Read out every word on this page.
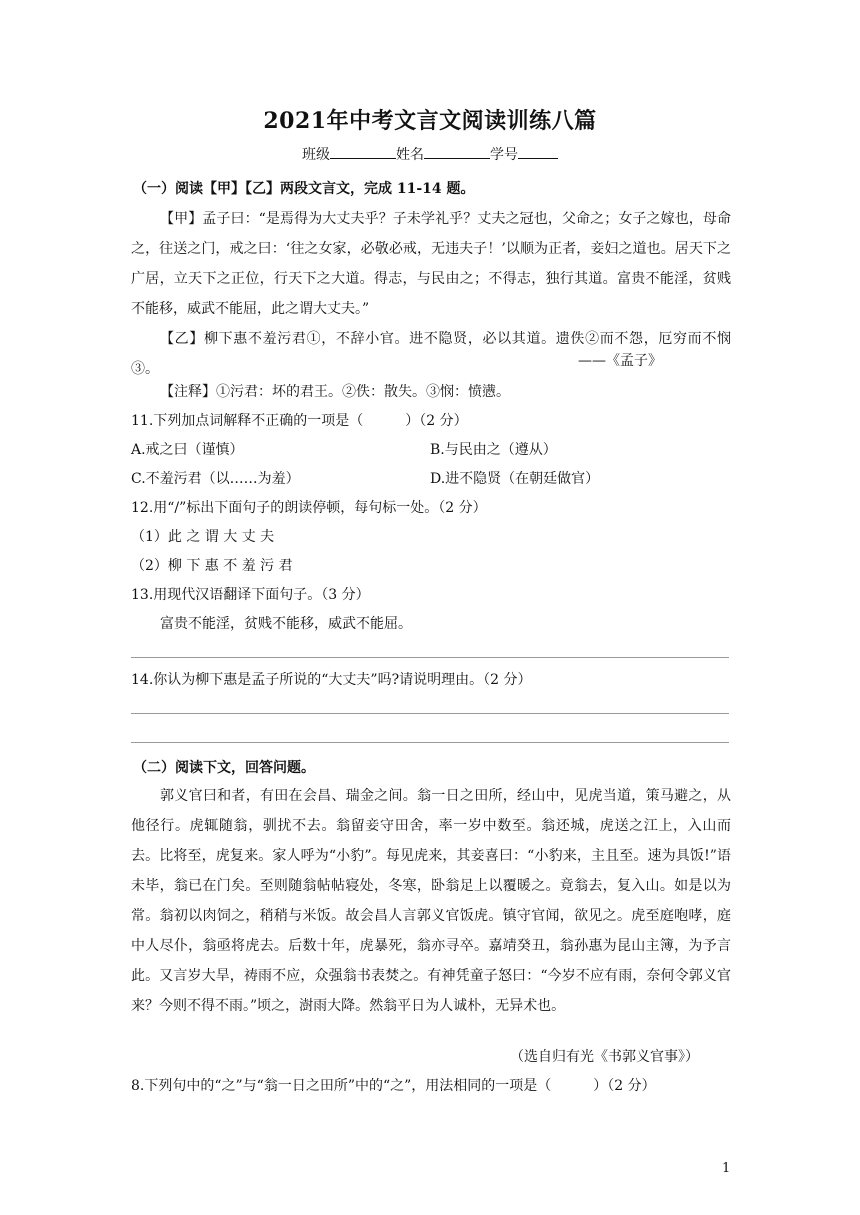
2021年中考文言文阅读训练八篇
班级	姓名	学号
（一）阅读【甲】【乙】两段文言文，完成 11-14 题。
【甲】孟子曰：“是焉得为大丈夫乎？子未学礼乎？丈夫之冠也，父命之；女子之嫁也，母命之，往送之门，戒之曰：‘往之女家，必敬必戒，无违夫子！’以顺为正者，妾妇之道也。居天下之广居，立天下之正位，行天下之大道。得志，与民由之；不得志，独行其道。富贵不能淫，贫贱不能移，威武不能屈，此之谓大丈夫。”
【乙】柳下惠不羞污君①，不辞小官。进不隐贤，必以其道。遗佚②而不怨，厄穷而不悯③。	——《孟子》
【注释】①污君：坏的君王。②佚：散失。③悯：愤懑。
11.下列加点词解释不正确的一项是（　　　）（2 分）
A.戒之曰（谨慎）	B.与民由之（遵从）
C.不羞污君（以……为羞）	D.进不隐贤（在朝廷做官）
12.用“/”标出下面句子的朗读停顿，每句标一处。（2 分）
（1）此 之 谓 大 丈 夫
（2）柳 下 惠 不 羞 污 君
13.用现代汉语翻译下面句子。（3 分）
富贵不能淫，贫贱不能移，威武不能屈。
14.你认为柳下惠是孟子所说的“大丈夫”吗?请说明理由。（2 分）
（二）阅读下文，回答问题。
郭义官曰和者，有田在会昌、瑞金之间。翁一日之田所，经山中，见虎当道，策马避之，从他径行。虎辄随翁，驯扰不去。翁留妾守田舍，率一岁中数至。翁还城，虎送之江上，入山而去。比将至，虎复来。家人呼为“小豹”。每见虎来，其妾喜曰：“小豹来，主且至。速为具饭!”语未毕，翁已在门矣。至则随翁帖帖寝处，冬寒，卧翁足上以覆暖之。竟翁去，复入山。如是以为常。翁初以肉饲之，稍稍与米饭。故会昌人言郭义官饭虎。镇守官闻，欲见之。虎至庭咆哮，庭中人尽仆，翁亟将虎去。后数十年，虎暴死，翁亦寻卒。嘉靖癸丑，翁孙惠为昆山主簿，为予言此。又言岁大旱，祷雨不应，众强翁书表焚之。有神凭童子怒曰：“今岁不应有雨，奈何令郭义官来？今则不得不雨。”顷之，澍雨大降。然翁平日为人诚朴，无异术也。
（选自归有光《书郭义官事》）
8.下列句中的“之”与“翁一日之田所”中的“之”，用法相同的一项是（　　　）（2 分）
1
